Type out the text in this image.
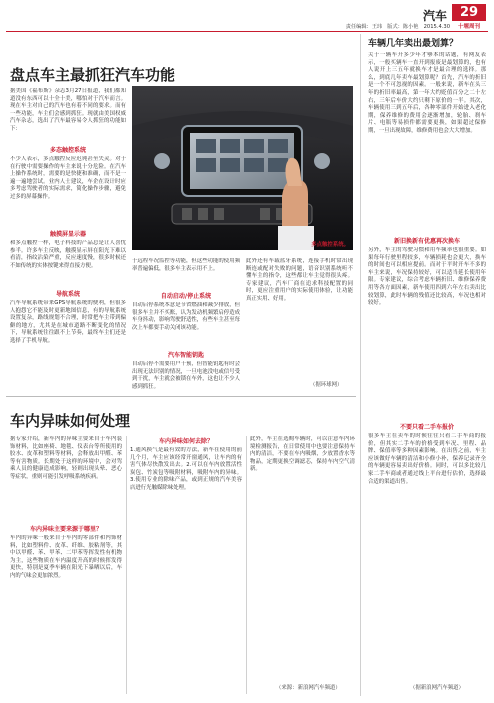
汽车 29
十堰周刊
责任编辑：王玮　版式：陈小艳　2015.4.30
盘点车主最抓狂汽车功能
据美国《福布斯》杂志3月27日报道，我们都知道没有东西可以十全十美，哪怕对于汽车而言。现在车主对自己的汽车也有着不同的要求。而有一些功能，车主们会感到抓狂。现就由美国权威汽车杂志，选出了汽车最容易令人抓狂的功能如下：
多态触控系统
不少人表示，多点触控反应迟钝甚至失灵。对于在行驶中需要操作的车主来说十分危险。在汽车上操作系统时，需要的是快捷和准确，而不是一遍一遍地尝试。业内人士建议，车企在设计时应多考虑驾驶者的实际需求，简化操作步骤，避免过多的屏幕操作。
触摸屏显示器
和多点触控一样，电子科技的产品总是让人喜忧参半。许多车主反映，触摸显示屏在阳光下难以看清，指纹沾染严重，反应速度慢，很多时候还不如传统的实体按键来得直接方便。
导航系统
汽车导航系统带来GPS导航系统的便利，但很多人抱怨它不能及时更新地图信息，有的导航系统设置复杂，路线规划不合理，时常把车主带到偏僻的地方，尤其是在城市道路不断变化的情况下，导航系统往往跟不上节奏，最终车主们还是选择了手机导航。
多点触控系统。
于远程车况监控等功能，但这些功能的使用频率普遍偏低，很多车主表示用不上。
自动启动/停止系统
自动启停系统本意是节省燃油和减少排放，但很多车主并不买账，认为发动机频繁启停造成车身抖动，影响驾驶舒适性，有些车主甚至每次上车都要手动关闭该功能。
汽车智能钥匙
自动启停不需要用户干预，但智能钥匙有时会出现无法识别的情况，一旦电池没电或信号受到干扰，车主就会被锁在车外，这也让不少人感到抓狂。
此外还有车载蓝牙系统，连接手机时常出现断连或配对失败的问题，语音识别系统听不懂车主的指令，这些都让车主觉得很头疼。专家建议，汽车厂商在追求科技配置的同时，更应注重用户的实际使用体验，让功能真正实用、好用。
（据环球网）
车辆几年卖出最划算？
关于一辆车开多少年才够本的话题，有网友表示，一般买辆车一直开到报废是最划算的，也有人说开上三五年就换车才是最合理的选择。那么，到底几年卖车最划算呢？首先，汽车的折旧是一个不可忽视的因素。一般来说，新车在头三年的折旧率最高，第一年大约贬值百分之二十左右，三年后车价大约只剩下原价的一半。其次，车辆使用三到五年后，各种零部件开始进入老化期，保养维修的费用会逐渐增加，轮胎、刹车片、电瓶等易损件都需要更换，如果超过保修期，一旦出现故障，维修费用也会大大增加。
新旧换新有优惠再次换车
另外，车主的驾驶习惯和用车频率也很重要。如果每年行驶里程较多，车辆损耗也会更大，换车的时间也可以相应提前。而对于平时开车不多的车主来说，车况保持较好，可以适当延长使用年限。专家建议，综合考虑车辆折旧、维修保养费用等各方面因素，新车使用四到六年左右卖出比较划算，此时车辆的残值还比较高，车况也相对较好。
不要只看二手车报价
很多车主在卖车的时候往往只看二手车商的报价，但其实二手车的价格受到车况、里程、品牌、保值率等多种因素影响。在出售之前，车主应该做好车辆的清洁和小修小补，保养记录齐全的车辆更容易卖出好价格。同时，可以多比较几家二手车商或者通过线上平台进行估价，选择最合适的渠道出售。
（据新浪网汽车频道）
车内异味如何处理
据专家介绍，新车内的异味主要来自于车内装饰材料，比如座椅、地毯、仪表台等所使用的胶水、皮革和塑料等材料，会释放出甲醛、苯等有害物质。长期处于这样的环境中，会对驾乘人员的健康造成影响，轻则出现头晕、恶心等症状，重则可能引发呼吸系统疾病。
车内异味主要来源于哪里？
车内的异味一般来自于车内的零部件和内饰材料，比如塑料件、皮革、纤维、胶粘剂等，其中以甲醛、苯、甲苯、二甲苯等挥发性有机物为主，这些物质在车内温度升高的时候挥发得更快，特别是夏季车辆在阳光下暴晒以后，车内的气味会更加浓烈。
车内异味如何去除？
1.通风换气是最有效的方法，新车在使用的前几个月，车主应该经常开窗通风，让车内的有害气体尽快散发出去。2.可以在车内放置活性炭包、竹炭包等吸附材料，吸附车内的异味。3.使用专业的除味产品，或到正规的汽车美容店进行光触媒除味处理。
此外，车主在选购车辆时，可以注意车内环境检测报告，在日常使用中也要注意保持车内的清洁，不要在车内吸烟，少放置香水等物品，定期更换空调滤芯，保持车内空气清新。
（来源：新浪网汽车频道）
